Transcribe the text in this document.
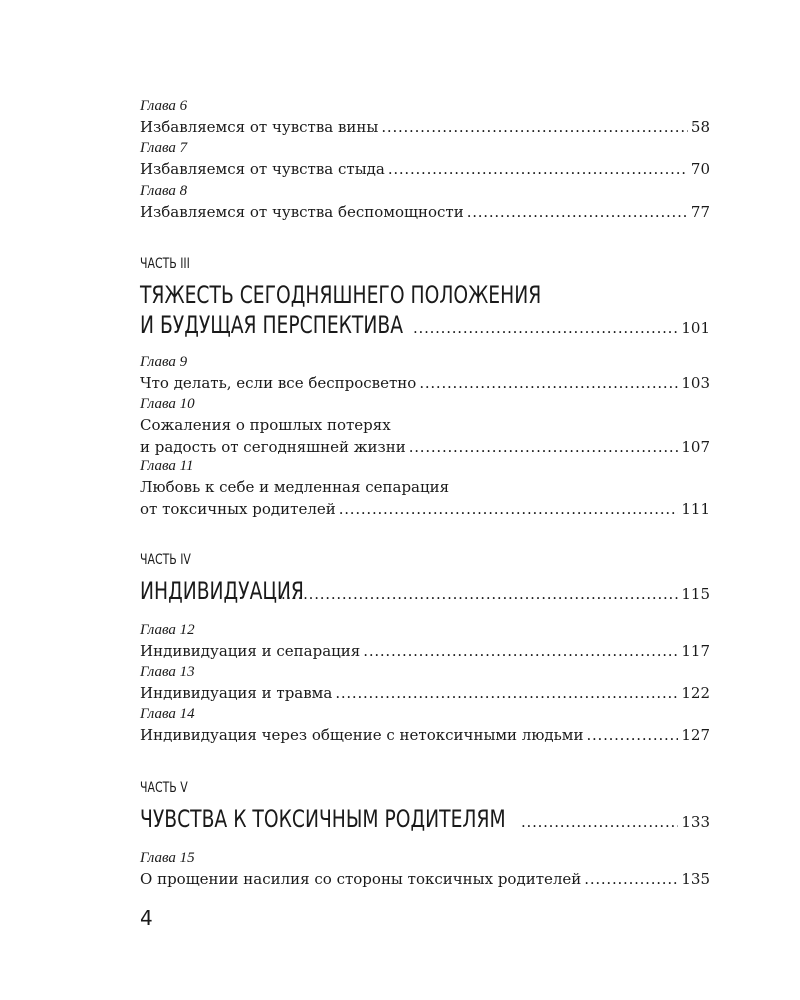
Глава 6
Избавляемся от чувства вины . . .	58
Глава 7
Избавляемся от чувства стыда . . .	70
Глава 8
Избавляемся от чувства беспомощности . . .	77
ЧАСТЬ III
ТЯЖЕСТЬ СЕГОДНЯШНЕГО ПОЛОЖЕНИЯ
И БУДУЩАЯ ПЕРСПЕКТИВА . . .	101
Глава 9
Что делать, если все беспросветно . . .	103
Глава 10
Сожаления о прошлых потерях
и радость от сегодняшней жизни . . .	107
Глава 11
Любовь к себе и медленная сепарация
от токсичных родителей . . .	111
ЧАСТЬ IV
ИНДИВИДУАЦИЯ . . .	115
Глава 12
Индивидуация и сепарация . . .	117
Глава 13
Индивидуация и травма . . .	122
Глава 14
Индивидуация через общение с нетоксичными людьми . . .	127
ЧАСТЬ V
ЧУВСТВА К ТОКСИЧНЫМ РОДИТЕЛЯМ . . .	133
Глава 15
О прощении насилия со стороны токсичных родителей . . .	135
4
